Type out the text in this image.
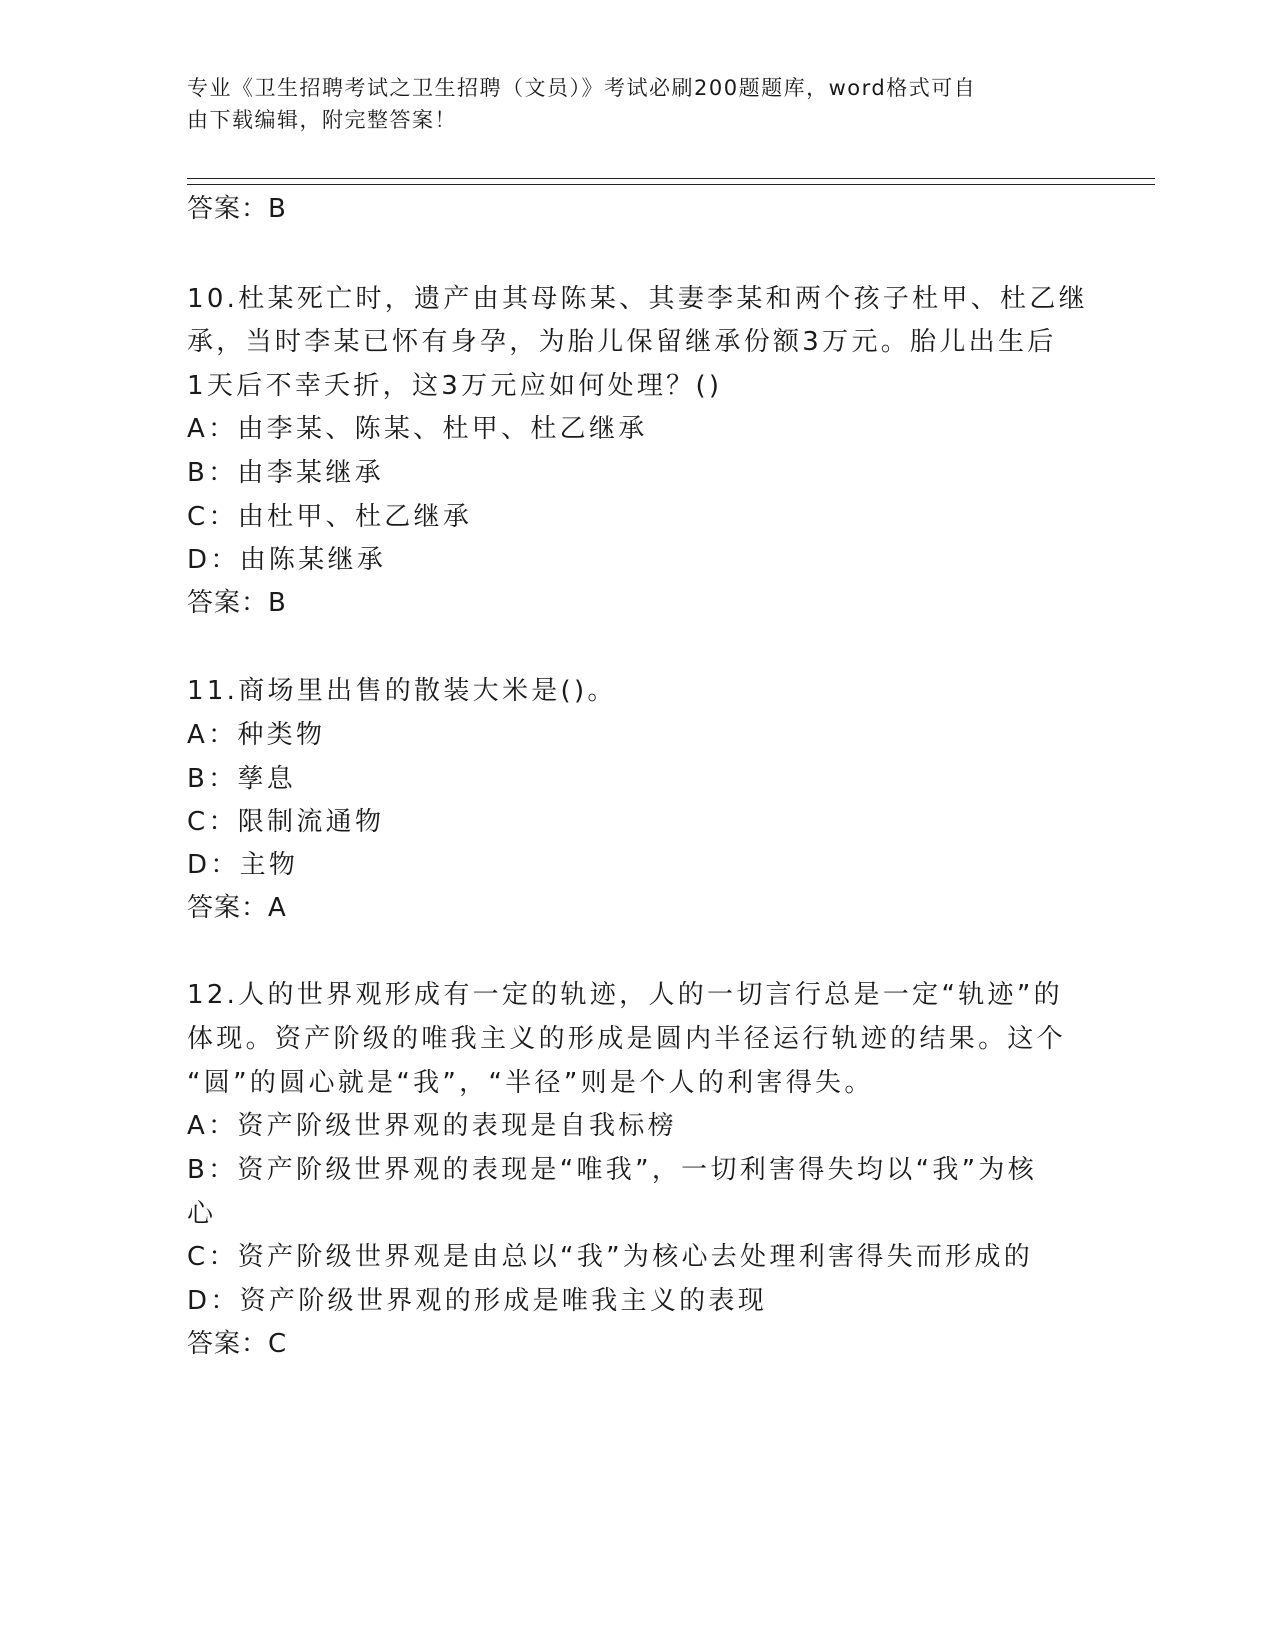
专业《卫生招聘考试之卫生招聘（文员）》考试必刷200题题库，word格式可自
由下载编辑，附完整答案！
答案：B
10.杜某死亡时，遗产由其母陈某、其妻李某和两个孩子杜甲、杜乙继
承，当时李某已怀有身孕，为胎儿保留继承份额3万元。胎儿出生后
1天后不幸夭折，这3万元应如何处理？()
A：由李某、陈某、杜甲、杜乙继承
B：由李某继承
C：由杜甲、杜乙继承
D：由陈某继承
答案：B
11.商场里出售的散装大米是()。
A：种类物
B：孳息
C：限制流通物
D：主物
答案：A
12.人的世界观形成有一定的轨迹，人的一切言行总是一定“轨迹”的
体现。资产阶级的唯我主义的形成是圆内半径运行轨迹的结果。这个
“圆”的圆心就是“我”，“半径”则是个人的利害得失。
A：资产阶级世界观的表现是自我标榜
B：资产阶级世界观的表现是“唯我”，一切利害得失均以“我”为核
心
C：资产阶级世界观是由总以“我”为核心去处理利害得失而形成的
D：资产阶级世界观的形成是唯我主义的表现
答案：C
